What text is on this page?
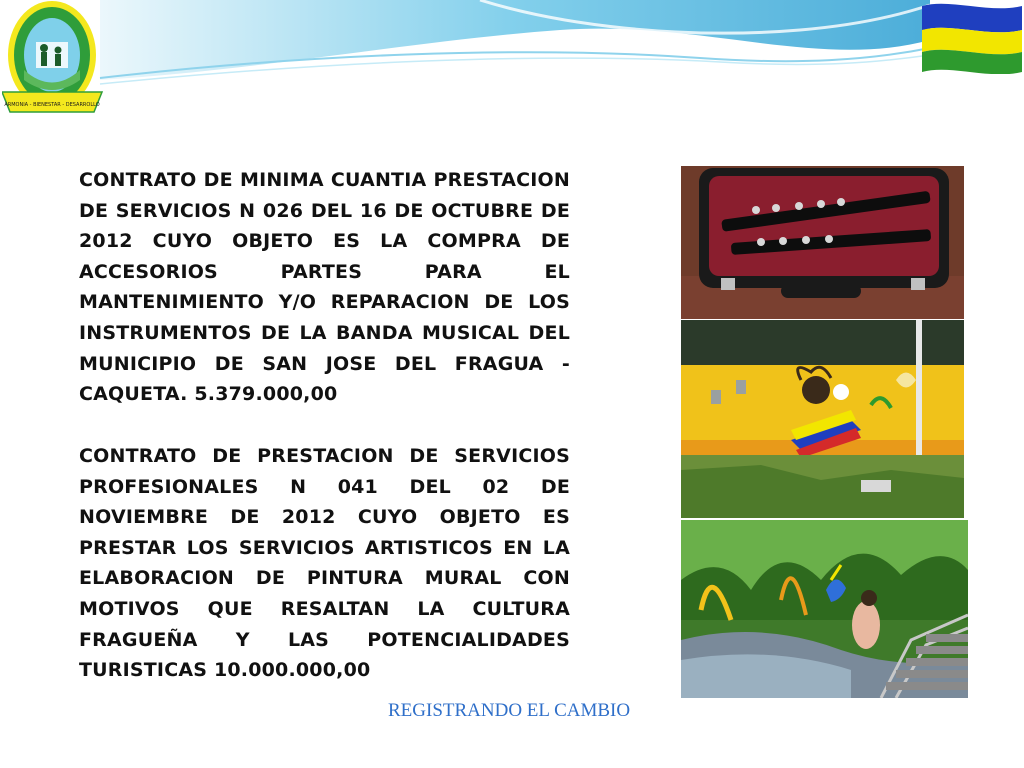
ARMONIA - BIENESTAR - DESARROLLO

CONTRATO DE MINIMA CUANTIA PRESTACION DE SERVICIOS N 026 DEL 16 DE OCTUBRE DE 2012 CUYO OBJETO ES LA COMPRA DE ACCESORIOS PARTES PARA EL MANTENIMIENTO Y/O REPARACION DE LOS INSTRUMENTOS DE LA BANDA MUSICAL DEL MUNICIPIO DE SAN JOSE DEL FRAGUA - CAQUETA. 5.379.000,00

CONTRATO DE PRESTACION DE SERVICIOS PROFESIONALES N 041 DEL 02 DE NOVIEMBRE DE 2012 CUYO OBJETO ES PRESTAR LOS SERVICIOS ARTISTICOS EN LA ELABORACION DE PINTURA MURAL CON MOTIVOS QUE RESALTAN LA CULTURA FRAGUEÑA Y LAS POTENCIALIDADES TURISTICAS 10.000.000,00

REGISTRANDO EL CAMBIO
